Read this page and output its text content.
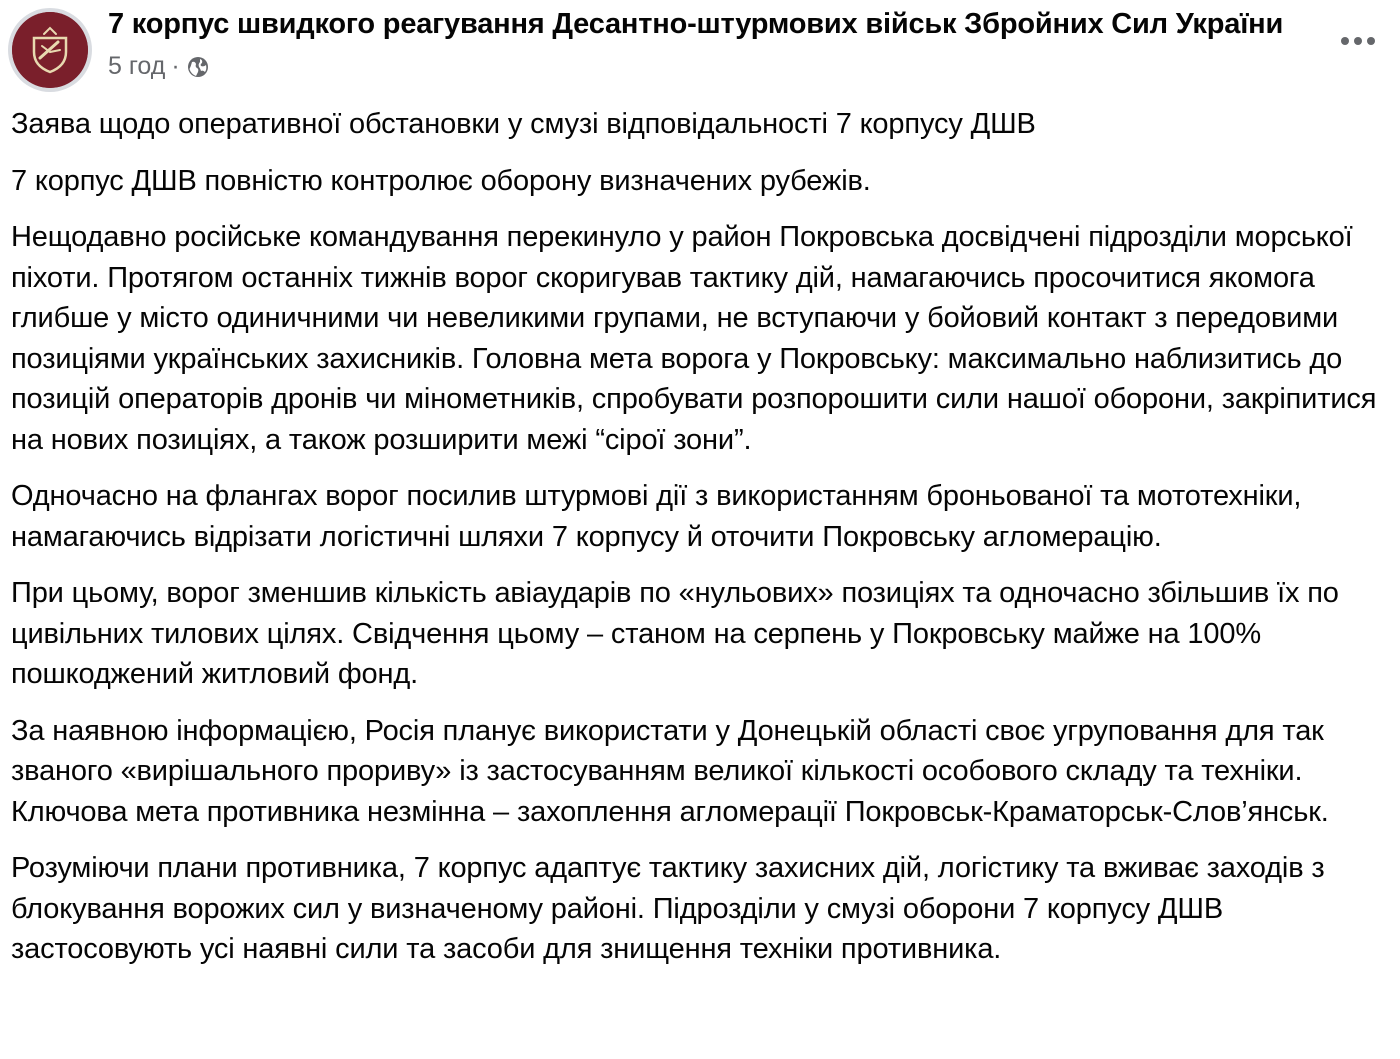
7 корпус швидкого реагування Десантно-штурмових військ Збройних Сил України
5 год ·

Заява щодо оперативної обстановки у смузі відповідальності 7 корпусу ДШВ

7 корпус ДШВ повністю контролює оборону визначених рубежів.

Нещодавно російське командування перекинуло у район Покровська досвідчені підрозділи морської піхоти. Протягом останніх тижнів ворог скоригував тактику дій, намагаючись просочитися якомога глибше у місто одиничними чи невеликими групами, не вступаючи у бойовий контакт з передовими позиціями українських захисників. Головна мета ворога у Покровську: максимально наблизитись до позицій операторів дронів чи мінометників, спробувати розпорошити сили нашої оборони, закріпитися на нових позиціях, а також розширити межі “сірої зони”.

Одночасно на флангах ворог посилив штурмові дії з використанням броньованої та мототехніки, намагаючись відрізати логістичні шляхи 7 корпусу й оточити Покровську агломерацію.

При цьому, ворог зменшив кількість авіаударів по «нульових» позиціях та одночасно збільшив їх по цивільних тилових цілях. Свідчення цьому – станом на серпень у Покровську майже на 100% пошкоджений житловий фонд.

За наявною інформацією, Росія планує використати у Донецькій області своє угруповання для так званого «вирішального прориву» із застосуванням великої кількості особового складу та техніки. Ключова мета противника незмінна – захоплення агломерації Покровськ-Краматорськ-Слов’янськ.

Розуміючи плани противника, 7 корпус адаптує тактику захисних дій, логістику та вживає заходів з блокування ворожих сил у визначеному районі. Підрозділи у смузі оборони 7 корпусу ДШВ застосовують усі наявні сили та засоби для знищення техніки противника.
